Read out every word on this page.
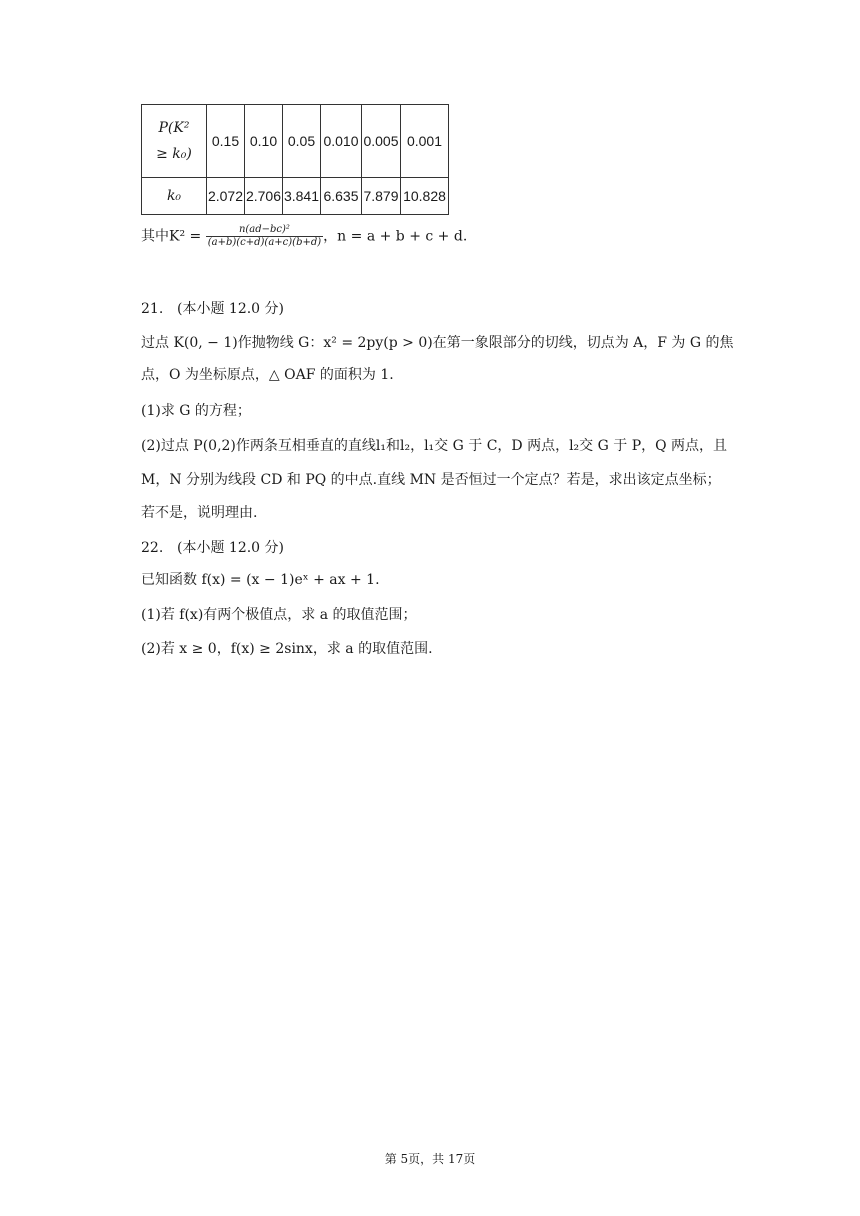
P(K²
≥ k₀)	0.15	0.10	0.05	0.010	0.005	0.001
k₀	2.072	2.706	3.841	6.635	7.879	10.828
其中$K^2 = \frac{\text{n(ad−bc)²}}{(a+b)(c+d)(a+c)(b+d)}$ ，n = a + b + c + d.
21. (本小题 12.0 分)
过点 K(0, − 1)作抛物线 G：x² = 2py(p > 0)在第一象限部分的切线，切点为 A，F 为 G 的焦
点，O 为坐标原点，△ OAF 的面积为 1.
(1)求 G 的方程；
(2)过点 P(0,2)作两条互相垂直的直线l₁和l₂，l₁交 G 于 C，D 两点，l₂交 G 于 P，Q 两点，且
M，N 分别为线段 CD 和 PQ 的中点.直线 MN 是否恒过一个定点？若是，求出该定点坐标；
若不是，说明理由.
22. (本小题 12.0 分)
已知函数 f(x) = (x − 1)eˣ + ax + 1.
(1)若 f(x)有两个极值点，求 a 的取值范围；
(2)若 x ≥ 0，f(x) ≥ 2sinx，求 a 的取值范围.
第 5页，共 17页
